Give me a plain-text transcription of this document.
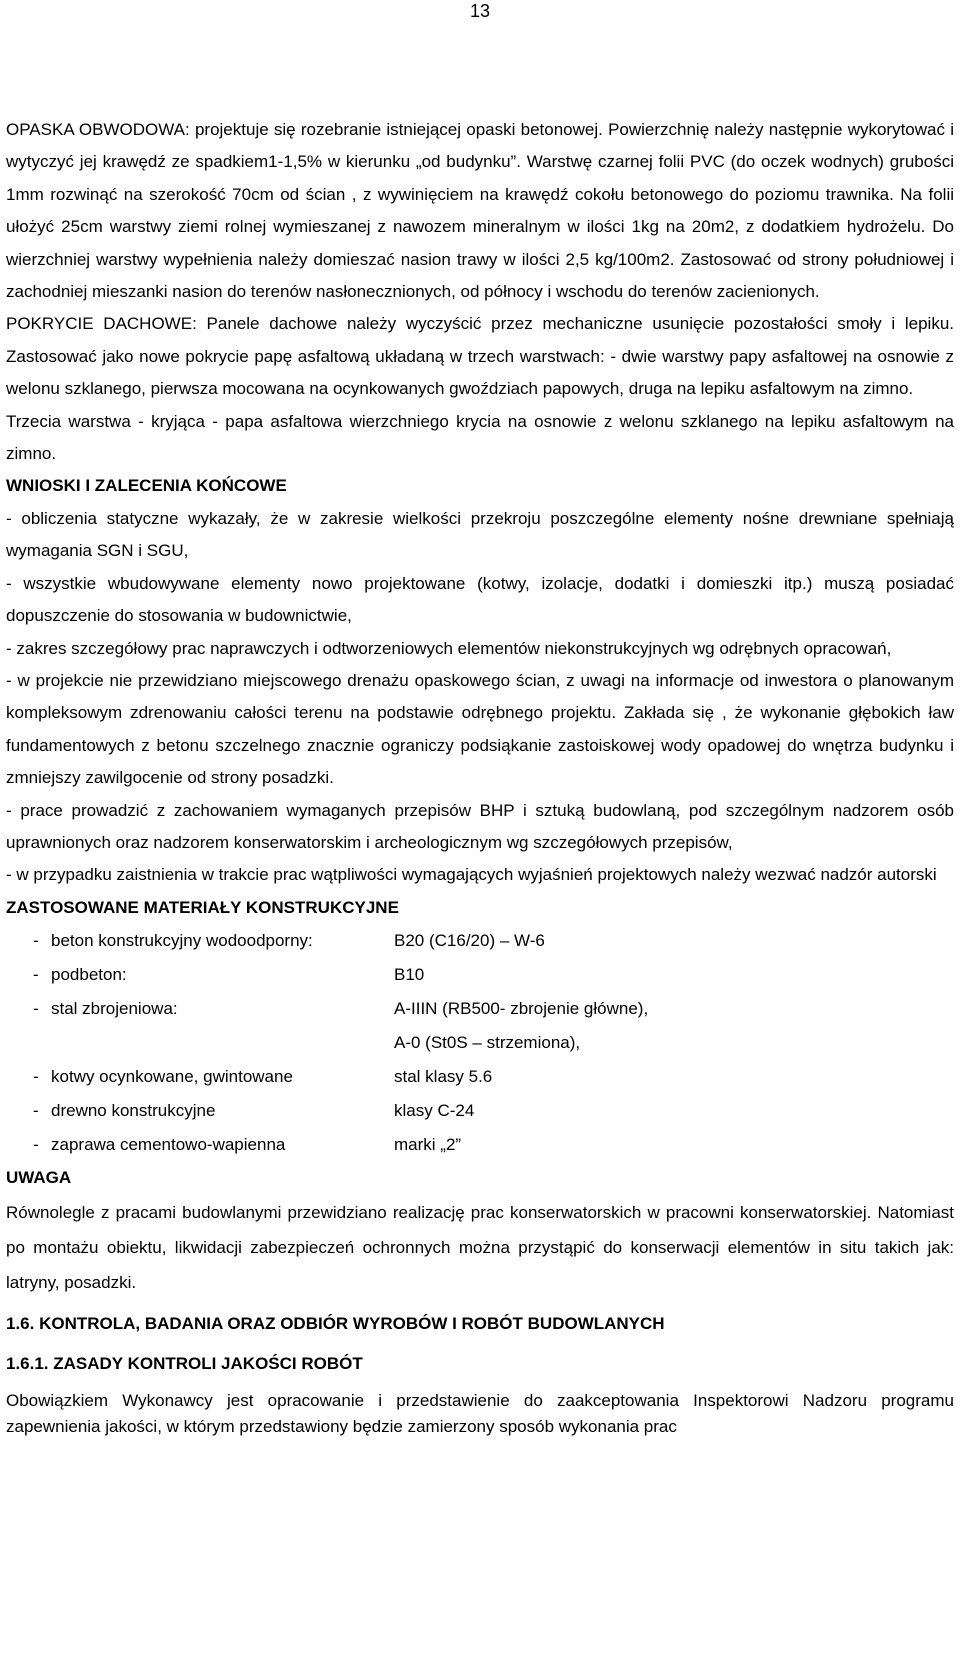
13

OPASKA OBWODOWA: projektuje się rozebranie istniejącej opaski betonowej. Powierzchnię należy następnie wykorytować i wytyczyć jej krawędź ze spadkiem1-1,5% w kierunku „od budynku”. Warstwę czarnej folii PVC (do oczek wodnych) grubości 1mm rozwinąć na szerokość 70cm od ścian , z wywinięciem na krawędź cokołu betonowego do poziomu trawnika. Na folii ułożyć 25cm warstwy ziemi rolnej wymieszanej z nawozem mineralnym w ilości 1kg na 20m2, z dodatkiem hydrożelu. Do wierzchniej warstwy wypełnienia należy domieszać nasion trawy w ilości 2,5 kg/100m2. Zastosować od strony południowej i zachodniej mieszanki nasion do terenów nasłonecznionych, od północy i wschodu do terenów zacienionych.

POKRYCIE DACHOWE: Panele dachowe należy wyczyścić przez mechaniczne usunięcie pozostałości smoły i lepiku. Zastosować jako nowe pokrycie papę asfaltową układaną w trzech warstwach: - dwie warstwy papy asfaltowej na osnowie z welonu szklanego, pierwsza mocowana na ocynkowanych gwoździach papowych, druga na lepiku asfaltowym na zimno.

Trzecia warstwa - kryjąca - papa asfaltowa wierzchniego krycia na osnowie z welonu szklanego na lepiku asfaltowym na zimno.

WNIOSKI I ZALECENIA KOŃCOWE

- obliczenia statyczne wykazały, że w zakresie wielkości przekroju poszczególne elementy nośne drewniane spełniają wymagania SGN i SGU,

- wszystkie wbudowywane elementy nowo projektowane (kotwy, izolacje, dodatki i domieszki itp.) muszą posiadać dopuszczenie do stosowania w budownictwie,

- zakres szczegółowy prac naprawczych i odtworzeniowych elementów niekonstrukcyjnych wg odrębnych opracowań,

- w projekcie nie przewidziano miejscowego drenażu opaskowego ścian, z uwagi na informacje od inwestora o planowanym kompleksowym zdrenowaniu całości terenu na podstawie odrębnego projektu. Zakłada się , że wykonanie głębokich ław fundamentowych z betonu szczelnego znacznie ograniczy podsiąkanie zastoiskowej wody opadowej do wnętrza budynku i zmniejszy zawilgocenie od strony posadzki.

- prace prowadzić z zachowaniem wymaganych przepisów BHP i sztuką budowlaną, pod szczególnym nadzorem osób uprawnionych oraz nadzorem konserwatorskim i archeologicznym wg szczegółowych przepisów,

- w przypadku zaistnienia w trakcie prac wątpliwości wymagających wyjaśnień projektowych należy wezwać nadzór autorski

ZASTOSOWANE MATERIAŁY KONSTRUKCYJNE
-	beton konstrukcyjny wodoodporny:	B20 (C16/20) – W-6
-	podbeton:	B10
-	stal zbrojeniowa:	A-IIIN (RB500- zbrojenie główne),
		A-0 (St0S – strzemiona),
-	kotwy ocynkowane, gwintowane	stal klasy 5.6
-	drewno konstrukcyjne	klasy C-24
-	zaprawa cementowo-wapienna	marki „2”
UWAGA

Równolegle z pracami budowlanymi przewidziano realizację prac konserwatorskich w pracowni konserwatorskiej. Natomiast po montażu obiektu, likwidacji zabezpieczeń ochronnych można przystąpić do konserwacji elementów in situ takich jak: latryny, posadzki.

1.6. KONTROLA, BADANIA ORAZ ODBIÓR WYROBÓW I ROBÓT BUDOWLANYCH
1.6.1. ZASADY KONTROLI JAKOŚCI ROBÓT

Obowiązkiem Wykonawcy jest opracowanie i przedstawienie do zaakceptowania Inspektorowi Nadzoru programu zapewnienia jakości, w którym przedstawiony będzie zamierzony sposób wykonania prac
